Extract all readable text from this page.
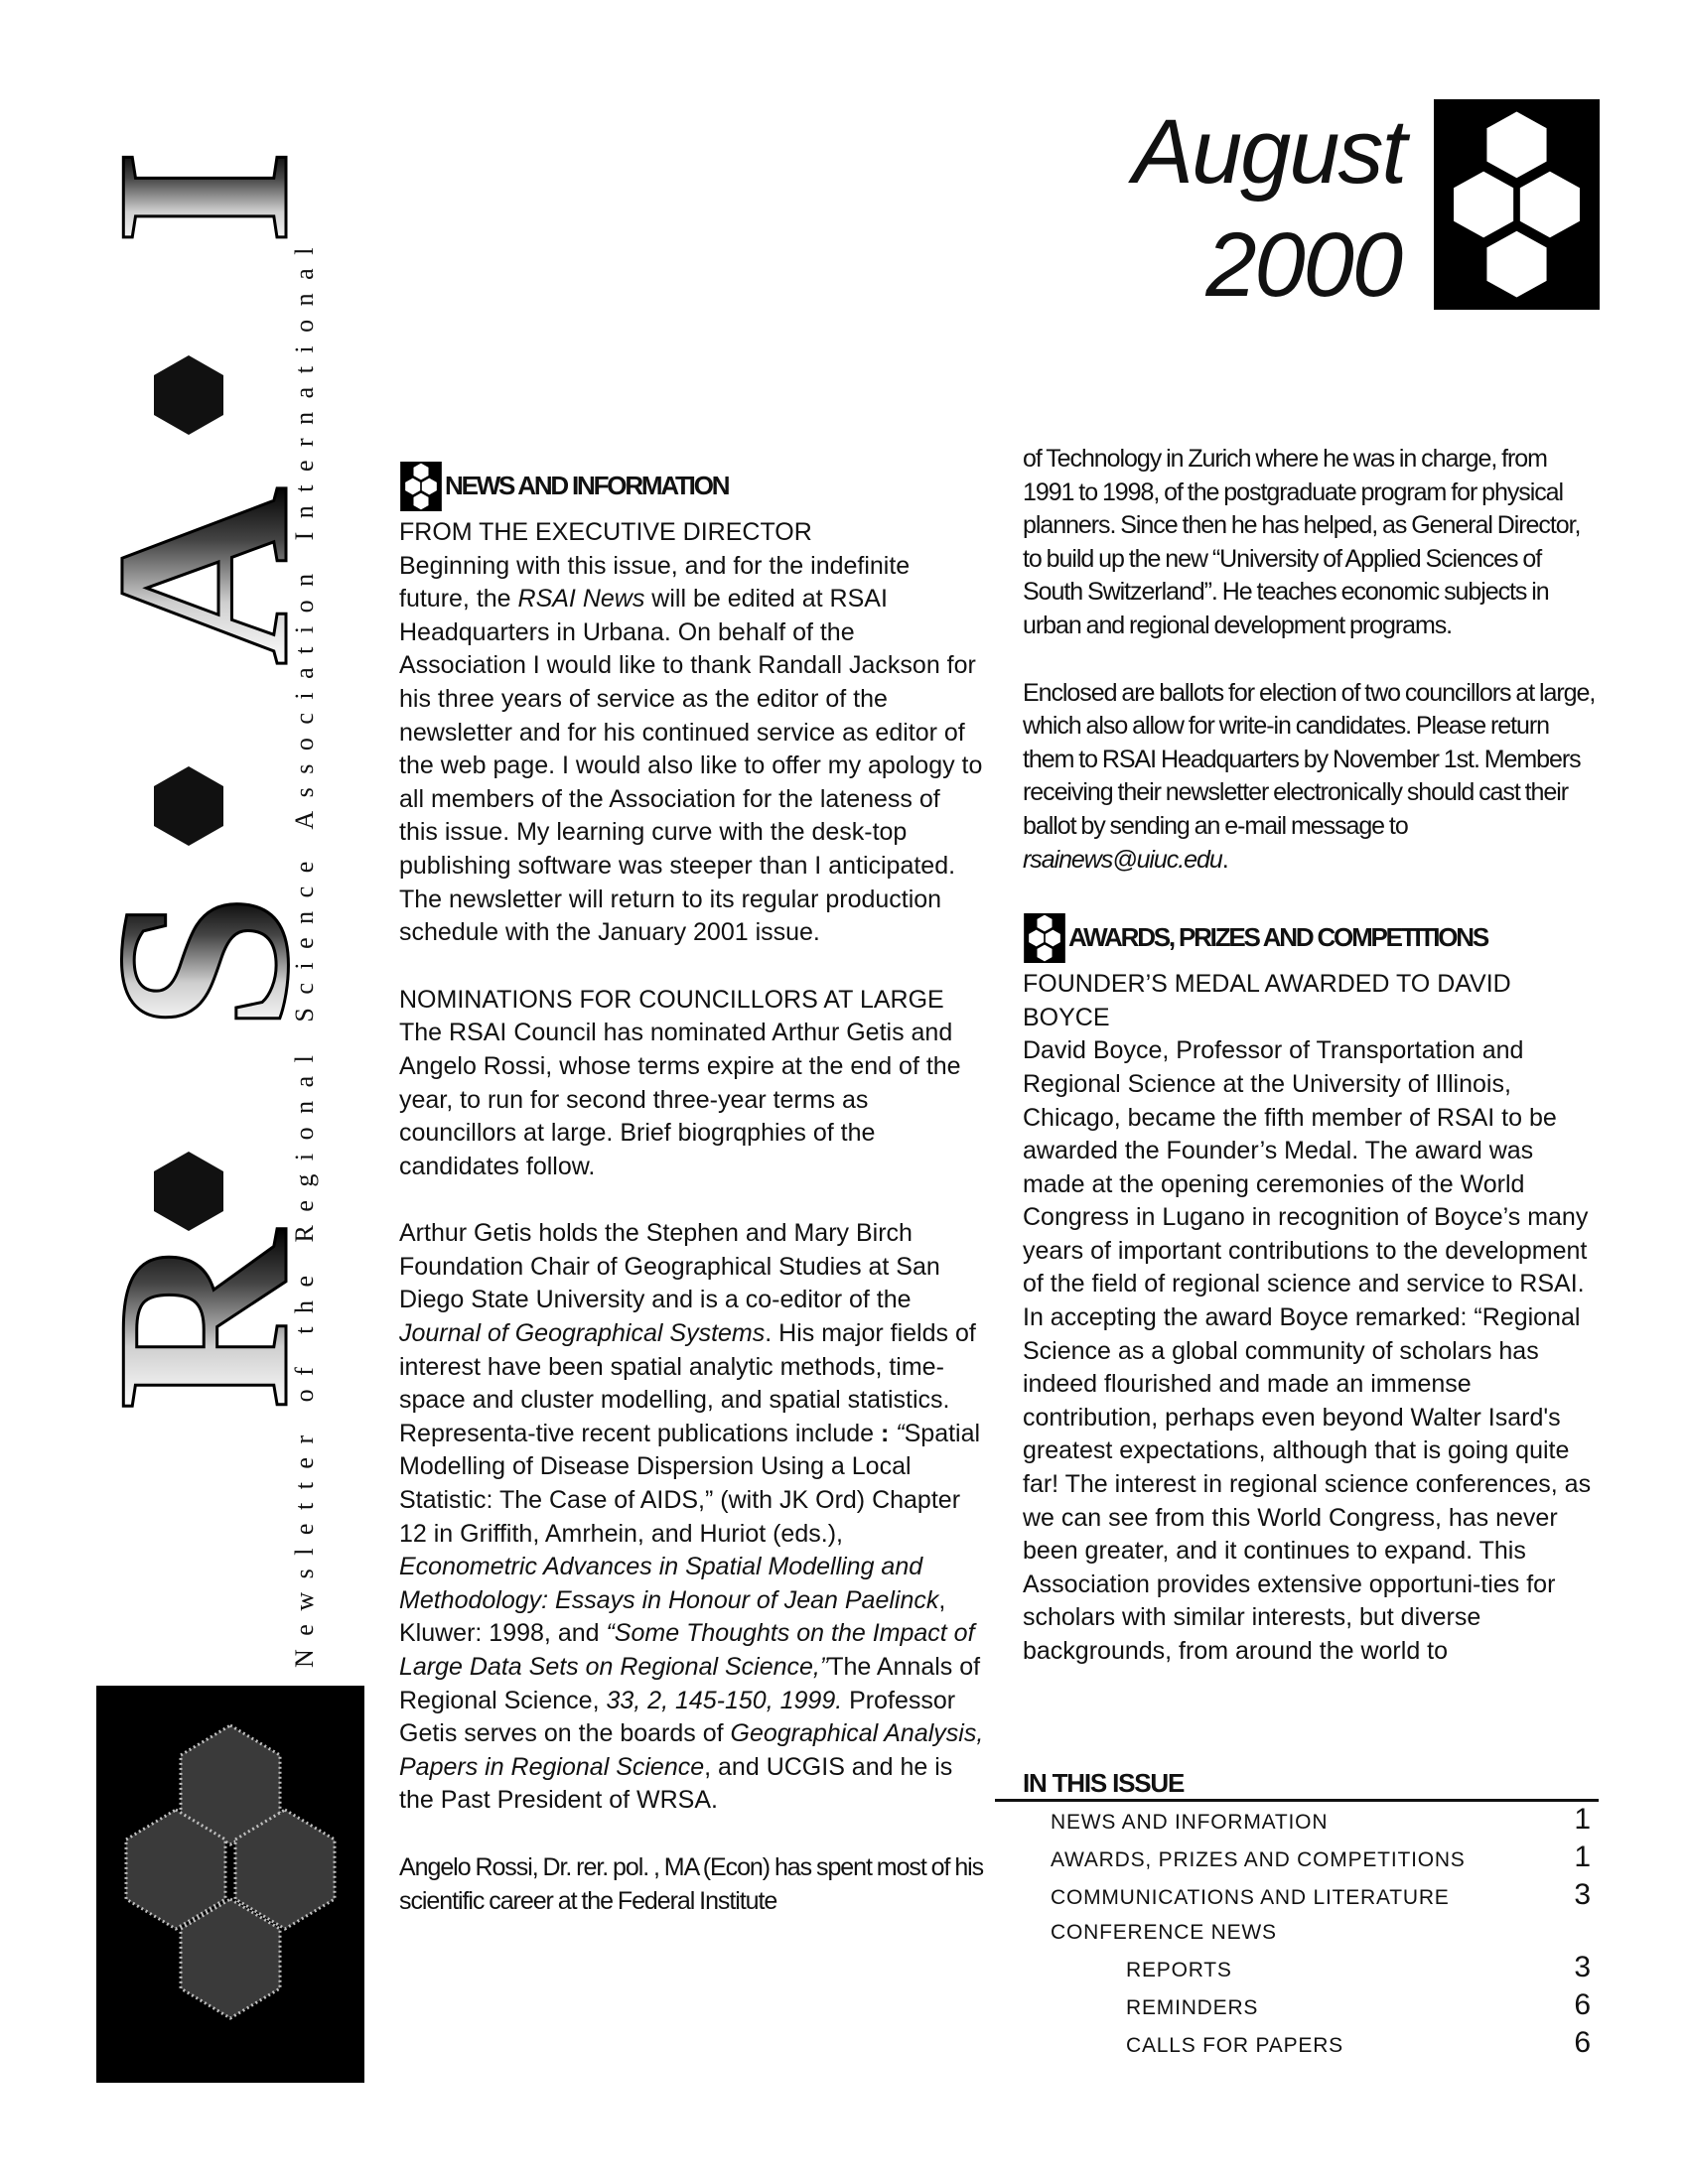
I
A
S
R
Newsletter of the Regional Science Association International
August
2000
NEWS AND INFORMATION

FROM THE EXECUTIVE DIRECTOR

Beginning with this issue, and for the indefinite future, the RSAI News will be edited at RSAI Headquarters in Urbana. On behalf of the Association I would like to thank Randall Jackson for his three years of service as the editor of the newsletter and for his continued service as editor of the web page. I would also like to offer my apology to all members of the Association for the lateness of this issue. My learning curve with the desk-top publishing software was steeper than I anticipated. The newsletter will return to its regular production schedule with the January 2001 issue.

NOMINATIONS FOR COUNCILLORS AT LARGE

The RSAI Council has nominated Arthur Getis and Angelo Rossi, whose terms expire at the end of the year, to run for second three-year terms as councillors at large. Brief biogrqphies of the candidates follow.

Arthur Getis holds the Stephen and Mary Birch Foundation Chair of Geographical Studies at San Diego State University and is a co-editor of the Journal of Geographical Systems. His major fields of interest have been spatial analytic methods, time-space and cluster modelling, and spatial statistics. Representa-tive recent publications include : “Spatial Modelling of Disease Dispersion Using a Local Statistic: The Case of AIDS,” (with JK Ord) Chapter 12 in Griffith, Amrhein, and Huriot (eds.), Econometric Advances in Spatial Modelling and Methodology: Essays in Honour of Jean Paelinck, Kluwer: 1998, and “Some Thoughts on the Impact of Large Data Sets on Regional Science,”The Annals of Regional Science, 33, 2, 145-150, 1999. Professor Getis serves on the boards of Geographical Analysis, Papers in Regional Science, and UCGIS and he is the Past President of WRSA.

Angelo Rossi, Dr. rer. pol. , MA (Econ) has spent most of his scientific career at the Federal Institute

of Technology in Zurich where he was in charge, from 1991 to 1998, of the postgraduate program for physical planners. Since then he has helped, as General Director, to build up the new “University of Applied Sciences of South Switzerland”. He teaches economic subjects in urban and regional development programs.

Enclosed are ballots for election of two councillors at large, which also allow for write-in candidates. Please return them to RSAI Headquarters by November 1st. Members receiving their newsletter electronically should cast their ballot by sending an e-mail message to rsainews@uiuc.edu.

AWARDS, PRIZES AND COMPETITIONS

FOUNDER’S MEDAL AWARDED TO DAVID BOYCE

David Boyce, Professor of Transportation and Regional Science at the University of Illinois, Chicago, became the fifth member of RSAI to be awarded the Founder’s Medal. The award was made at the opening ceremonies of the World Congress in Lugano in recognition of Boyce’s many years of important contributions to the development of the field of regional science and service to RSAI. In accepting the award Boyce remarked: “Regional Science as a global community of scholars has indeed flourished and made an immense contribution, perhaps even beyond Walter Isard's greatest expectations, although that is going quite far! The interest in regional science conferences, as we can see from this World Congress, has never been greater, and it continues to expand. This Association provides extensive opportuni-ties for scholars with similar interests, but diverse backgrounds, from around the world to

IN THIS ISSUE
NEWS AND INFORMATION	1
AWARDS, PRIZES AND COMPETITIONS	1
COMMUNICATIONS AND LITERATURE	3
CONFERENCE NEWS
REPORTS	3
REMINDERS	6
CALLS FOR PAPERS	6
